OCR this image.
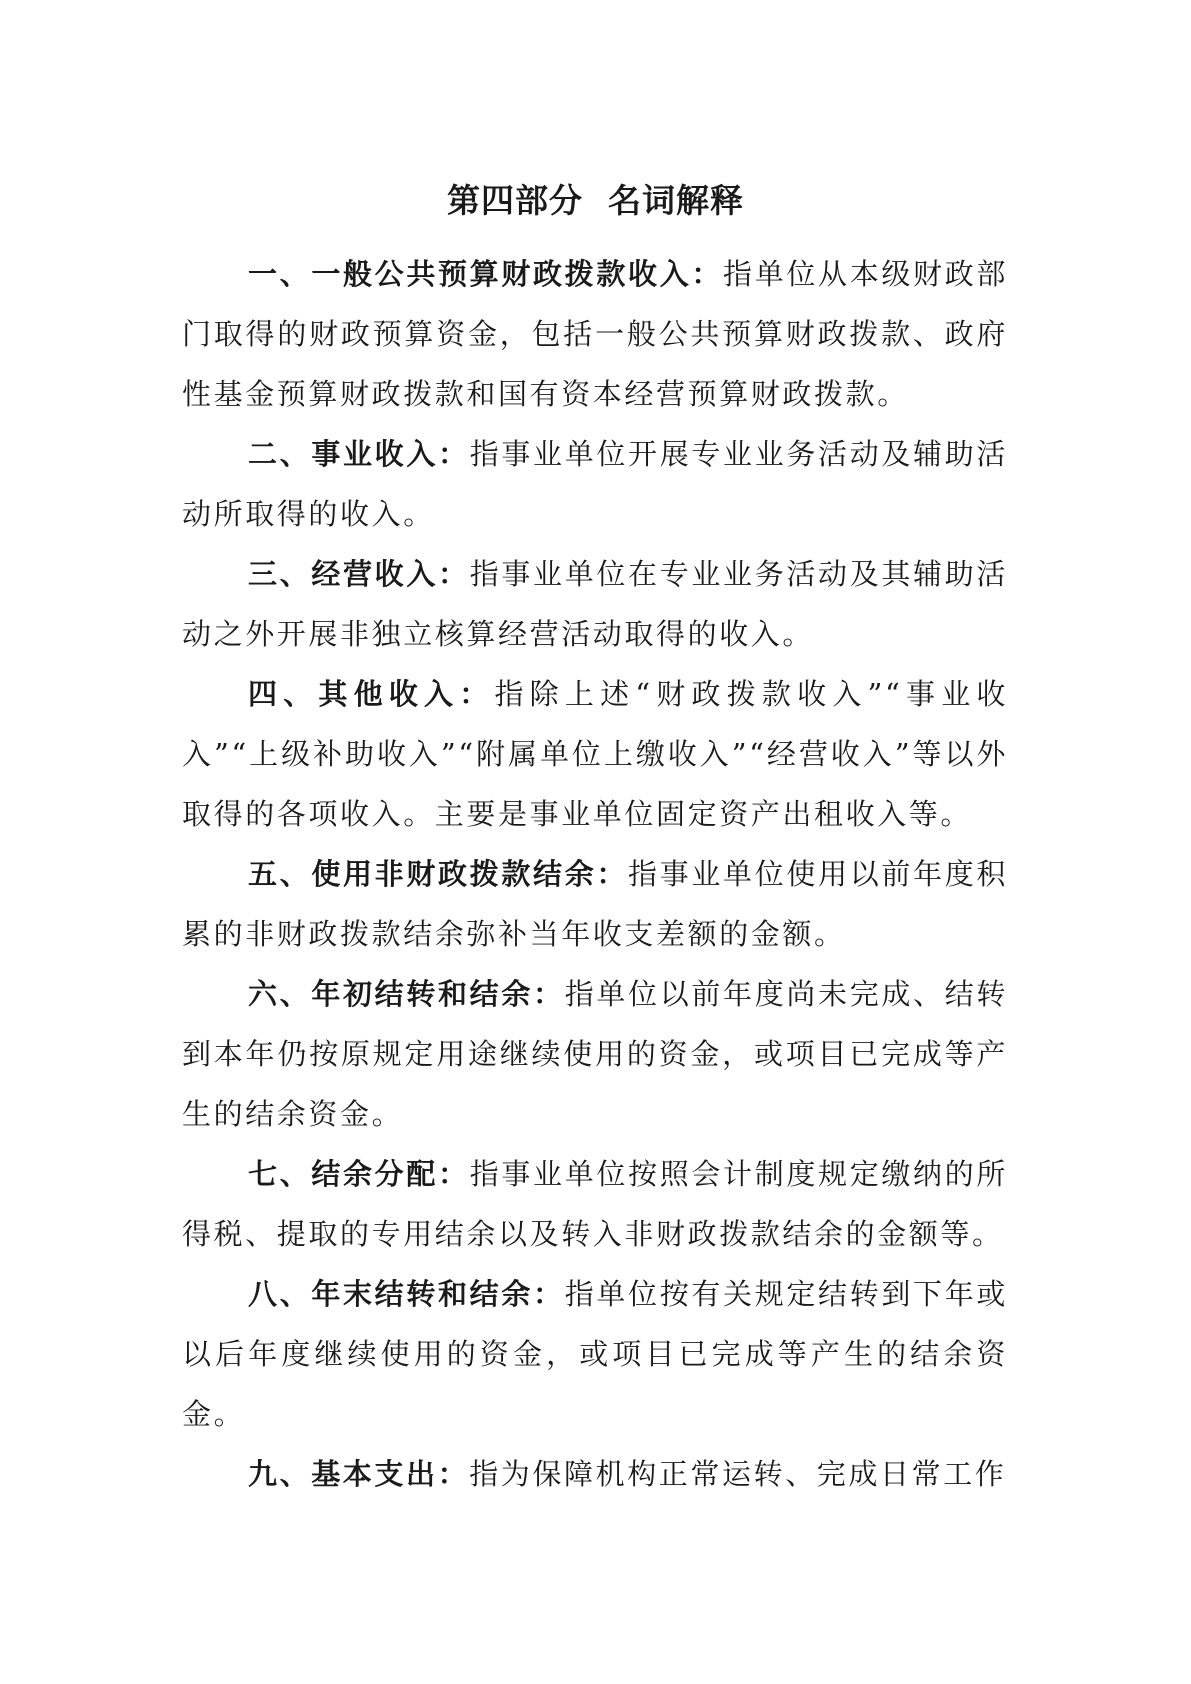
第四部分  名词解释

一、一般公共预算财政拨款收入：指单位从本级财政部门取得的财政预算资金，包括一般公共预算财政拨款、政府性基金预算财政拨款和国有资本经营预算财政拨款。

二、事业收入：指事业单位开展专业业务活动及辅助活动所取得的收入。

三、经营收入：指事业单位在专业业务活动及其辅助活动之外开展非独立核算经营活动取得的收入。

四、其他收入：指除上述“财政拨款收入”“事业收入”“上级补助收入”“附属单位上缴收入”“经营收入”等以外取得的各项收入。主要是事业单位固定资产出租收入等。

五、使用非财政拨款结余：指事业单位使用以前年度积累的非财政拨款结余弥补当年收支差额的金额。

六、年初结转和结余：指单位以前年度尚未完成、结转到本年仍按原规定用途继续使用的资金，或项目已完成等产生的结余资金。

七、结余分配：指事业单位按照会计制度规定缴纳的所得税、提取的专用结余以及转入非财政拨款结余的金额等。

八、年末结转和结余：指单位按有关规定结转到下年或以后年度继续使用的资金，或项目已完成等产生的结余资金。

九、基本支出：指为保障机构正常运转、完成日常工作
